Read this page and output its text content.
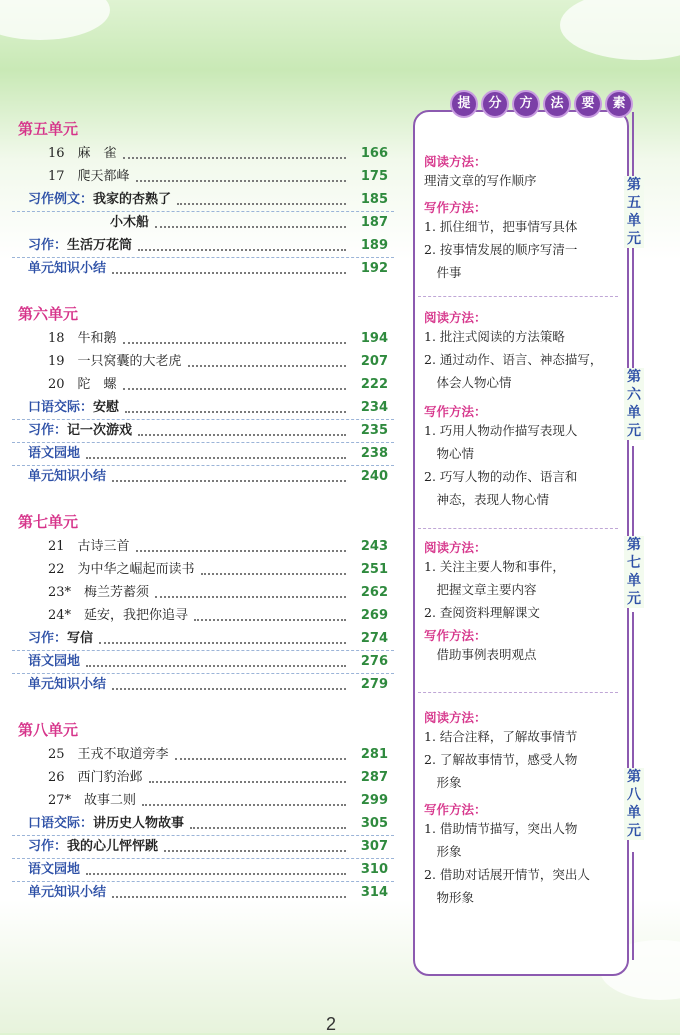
第五单元
16　麻　雀	166
17　爬天都峰	175
习作例文：我家的杏熟了	185
小木船	187
习作：生活万花筒	189
单元知识小结	192
第六单元
18　牛和鹅	194
19　一只窝囊的大老虎	207
20　陀　螺	222
口语交际：安慰	234
习作：记一次游戏	235
语文园地	238
单元知识小结	240
第七单元
21　古诗三首	243
22　为中华之崛起而读书	251
23*　梅兰芳蓄须	262
24*　延安，我把你追寻	269
习作：写信	274
语文园地	276
单元知识小结	279
第八单元
25　王戎不取道旁李	281
26　西门豹治邺	287
27*　故事二则	299
口语交际：讲历史人物故事	305
习作：我的心儿怦怦跳	307
语文园地	310
单元知识小结	314
提	分	方	法	要	素
阅读方法：
理清文章的写作顺序
写作方法：
1. 抓住细节，把事情写具体
2. 按事情发展的顺序写清一
　件事
阅读方法：
1. 批注式阅读的方法策略
2. 通过动作、语言、神态描写，
　体会人物心情
写作方法：
1. 巧用人物动作描写表现人
　物心情
2. 巧写人物的动作、语言和
　神态，表现人物心情
阅读方法：
1. 关注主要人物和事件，
　把握文章主要内容
2. 查阅资料理解课文
写作方法：
　借助事例表明观点
阅读方法：
1. 结合注释，了解故事情节
2. 了解故事情节，感受人物
　形象
写作方法：
1. 借助情节描写，突出人物
　形象
2. 借助对话展开情节，突出人
　物形象
第
五
单
元
第
六
单
元
第
七
单
元
第
八
单
元
2
